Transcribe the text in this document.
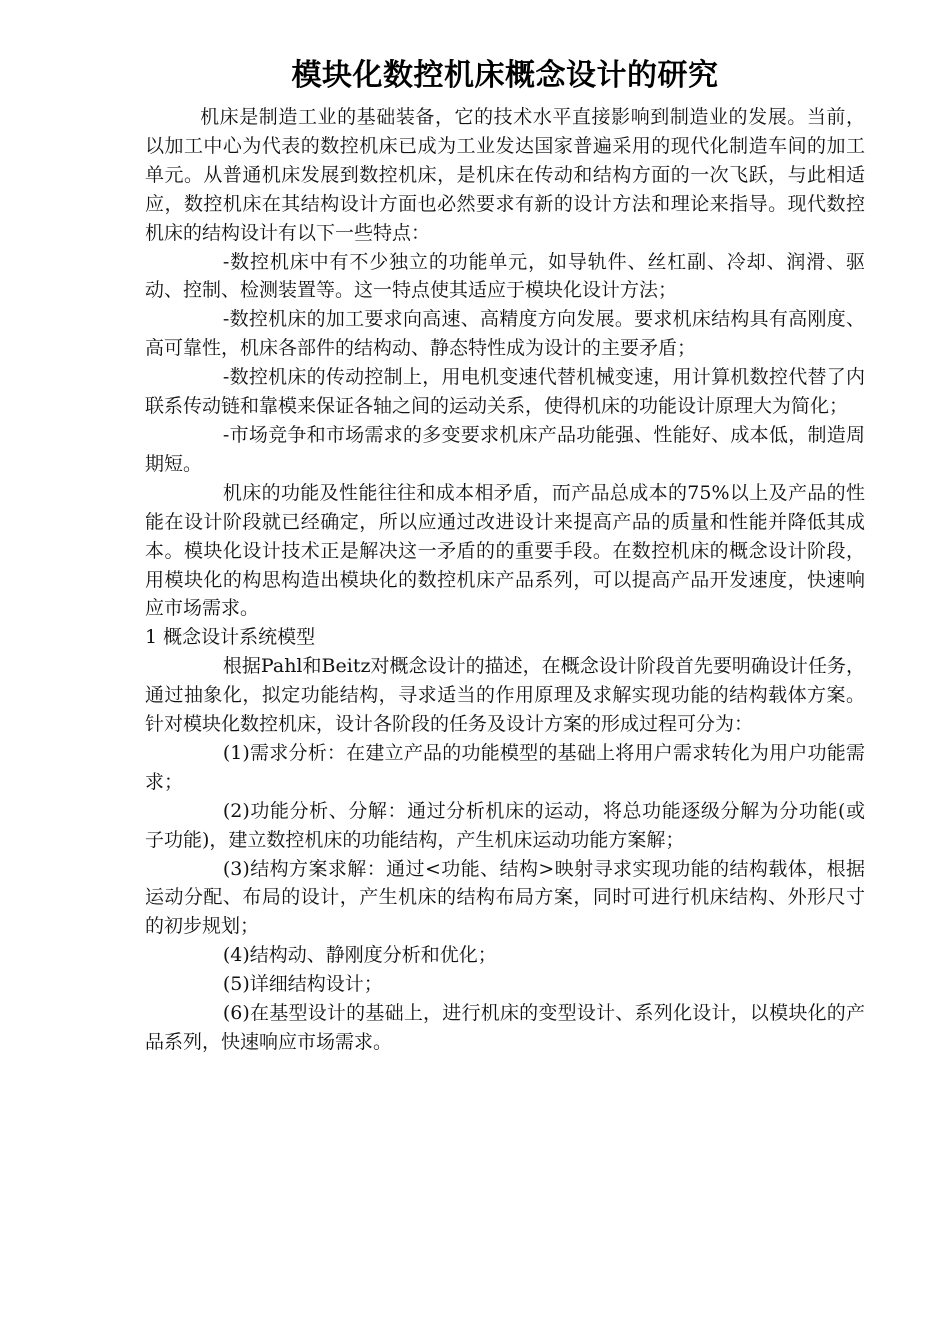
模块化数控机床概念设计的研究

机床是制造工业的基础装备，它的技术水平直接影响到制造业的发展。当前，以加工中心为代表的数控机床已成为工业发达国家普遍采用的现代化制造车间的加工单元。从普通机床发展到数控机床，是机床在传动和结构方面的一次飞跃，与此相适应，数控机床在其结构设计方面也必然要求有新的设计方法和理论来指导。现代数控机床的结构设计有以下一些特点：

-数控机床中有不少独立的功能单元，如导轨件、丝杠副、冷却、润滑、驱动、控制、检测装置等。这一特点使其适应于模块化设计方法；

-数控机床的加工要求向高速、高精度方向发展。要求机床结构具有高刚度、高可靠性，机床各部件的结构动、静态特性成为设计的主要矛盾；

-数控机床的传动控制上，用电机变速代替机械变速，用计算机数控代替了内联系传动链和靠模来保证各轴之间的运动关系，使得机床的功能设计原理大为简化；

-市场竞争和市场需求的多变要求机床产品功能强、性能好、成本低，制造周期短。

机床的功能及性能往往和成本相矛盾，而产品总成本的75%以上及产品的性能在设计阶段就已经确定，所以应通过改进设计来提高产品的质量和性能并降低其成本。模块化设计技术正是解决这一矛盾的的重要手段。在数控机床的概念设计阶段，用模块化的构思构造出模块化的数控机床产品系列，可以提高产品开发速度，快速响应市场需求。

1 概念设计系统模型

根据Pahl和Beitz对概念设计的描述，在概念设计阶段首先要明确设计任务，通过抽象化，拟定功能结构，寻求适当的作用原理及求解实现功能的结构载体方案。针对模块化数控机床，设计各阶段的任务及设计方案的形成过程可分为：

(1)需求分析：在建立产品的功能模型的基础上将用户需求转化为用户功能需求；

(2)功能分析、分解：通过分析机床的运动，将总功能逐级分解为分功能(或子功能)，建立数控机床的功能结构，产生机床运动功能方案解；

(3)结构方案求解：通过<功能、结构>映射寻求实现功能的结构载体，根据运动分配、布局的设计，产生机床的结构布局方案，同时可进行机床结构、外形尺寸的初步规划；

(4)结构动、静刚度分析和优化；

(5)详细结构设计；

(6)在基型设计的基础上，进行机床的变型设计、系列化设计，以模块化的产品系列，快速响应市场需求。
